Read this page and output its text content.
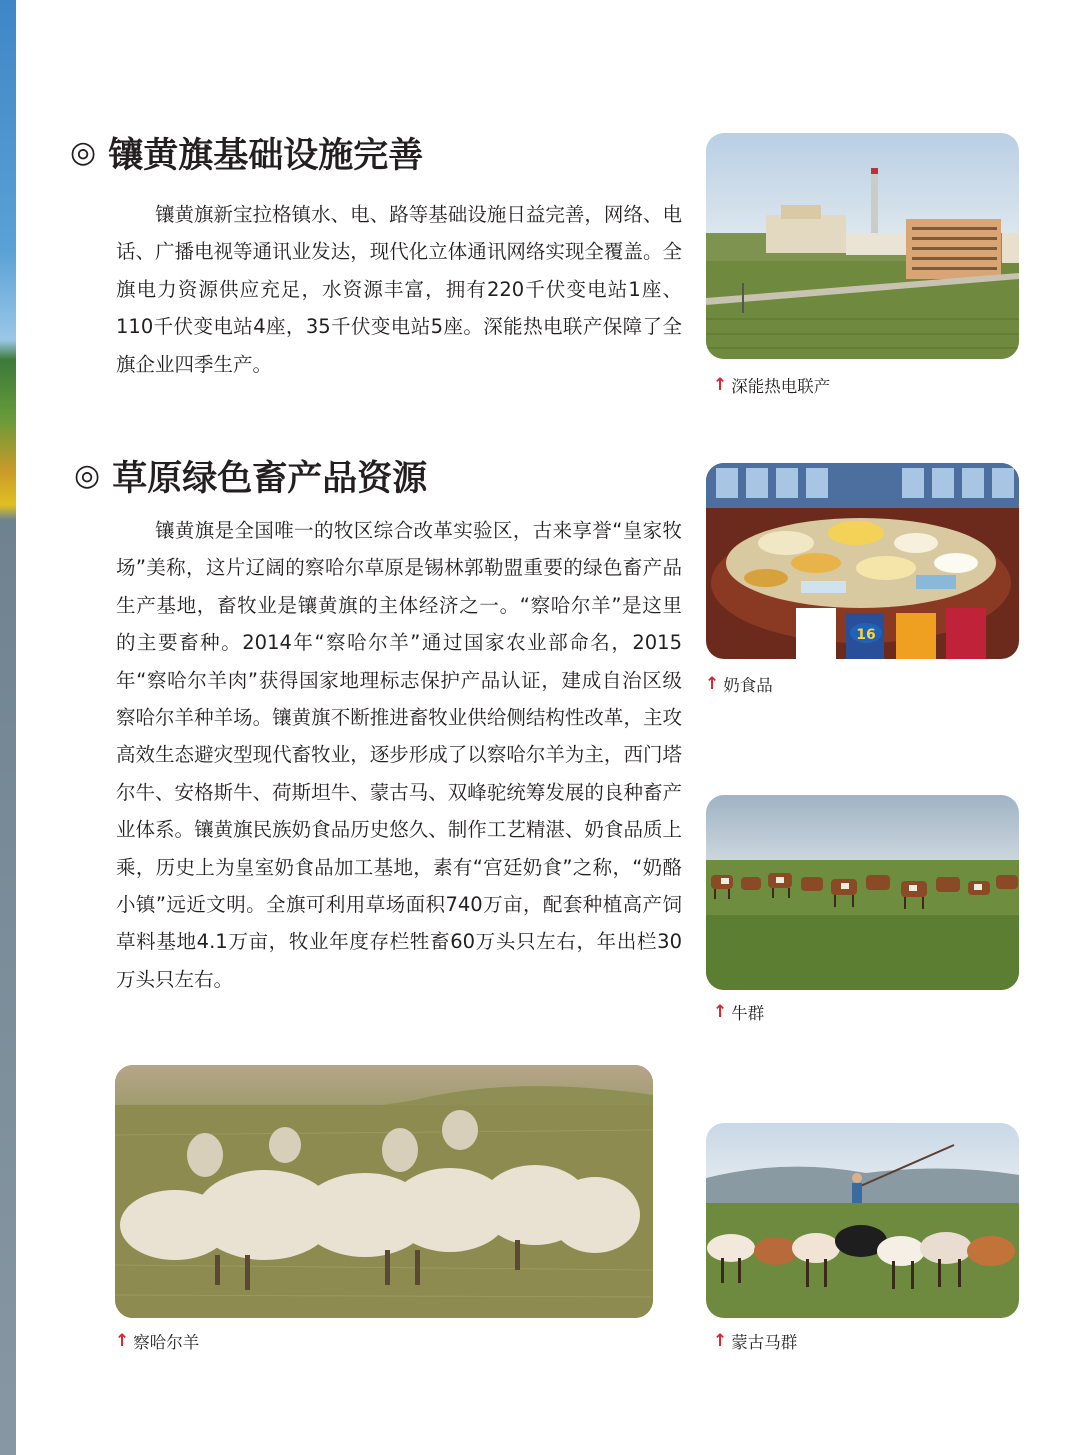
◎ 镶黄旗基础设施完善

镶黄旗新宝拉格镇水、电、路等基础设施日益完善，网络、电话、广播电视等通讯业发达，现代化立体通讯网络实现全覆盖。全旗电力资源供应充足，水资源丰富，拥有220千伏变电站1座、110千伏变电站4座，35千伏变电站5座。深能热电联产保障了全旗企业四季生产。

◎ 草原绿色畜产品资源

镶黄旗是全国唯一的牧区综合改革实验区，古来享誉“皇家牧场”美称，这片辽阔的察哈尔草原是锡林郭勒盟重要的绿色畜产品生产基地，畜牧业是镶黄旗的主体经济之一。“察哈尔羊”是这里的主要畜种。2014年“察哈尔羊”通过国家农业部命名，2015年“察哈尔羊肉”获得国家地理标志保护产品认证，建成自治区级察哈尔羊种羊场。镶黄旗不断推进畜牧业供给侧结构性改革，主攻高效生态避灾型现代畜牧业，逐步形成了以察哈尔羊为主，西门塔尔牛、安格斯牛、荷斯坦牛、蒙古马、双峰驼统筹发展的良种畜产业体系。镶黄旗民族奶食品历史悠久、制作工艺精湛、奶食品质上乘，历史上为皇室奶食品加工基地，素有“宫廷奶食”之称，“奶酪小镇”远近文明。全旗可利用草场面积740万亩，配套种植高产饲草料基地4.1万亩，牧业年度存栏牲畜60万头只左右，年出栏30万头只左右。

↑ 深能热电联产
16
↑ 奶食品
↑ 牛群
↑ 察哈尔羊	↑ 蒙古马群
